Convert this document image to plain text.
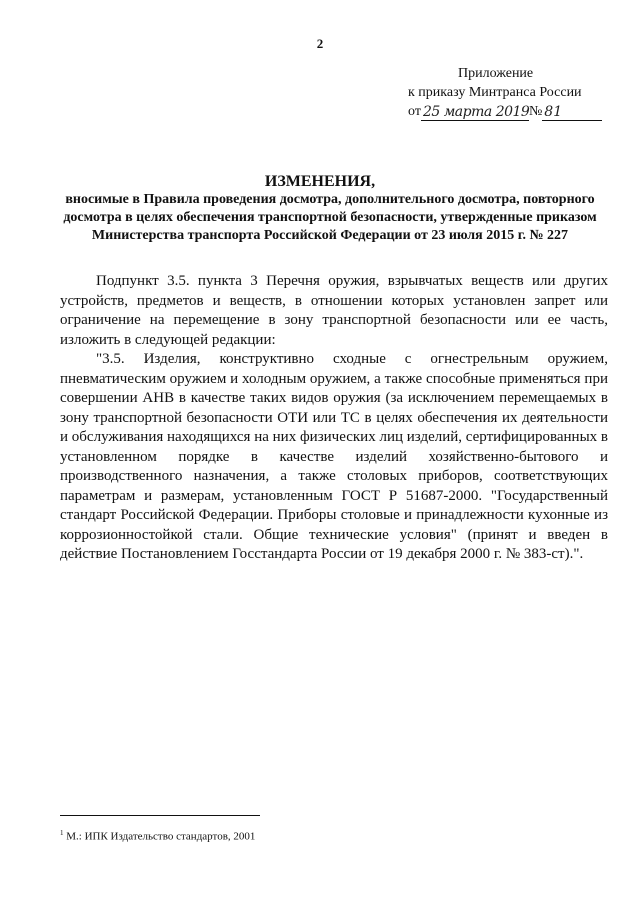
2
Приложение
к приказу Минтранса России
от 25 марта 2019 № 81
ИЗМЕНЕНИЯ,
вносимые в Правила проведения досмотра, дополнительного досмотра, повторного досмотра в целях обеспечения транспортной безопасности, утвержденные приказом Министерства транспорта Российской Федерации от 23 июля 2015 г. № 227

Подпункт 3.5. пункта 3 Перечня оружия, взрывчатых веществ или других устройств, предметов и веществ, в отношении которых установлен запрет или ограничение на перемещение в зону транспортной безопасности или ее часть, изложить в следующей редакции:

"3.5. Изделия, конструктивно сходные с огнестрельным оружием, пневматическим оружием и холодным оружием, а также способные применяться при совершении АНВ в качестве таких видов оружия (за исключением перемещаемых в зону транспортной безопасности ОТИ или ТС в целях обеспечения их деятельности и обслуживания находящихся на них физических лиц изделий, сертифицированных в установленном порядке в качестве изделий хозяйственно-бытового и производственного назначения, а также столовых приборов, соответствующих параметрам и размерам, установленным ГОСТ Р 51687-2000. "Государственный стандарт Российской Федерации. Приборы столовые и принадлежности кухонные из коррозионностойкой стали. Общие технические условия" (принят и введен в действие Постановлением Госстандарта России от 19 декабря 2000 г. № 383-ст).".

$^1$ М.: ИПК Издательство стандартов, 2001
